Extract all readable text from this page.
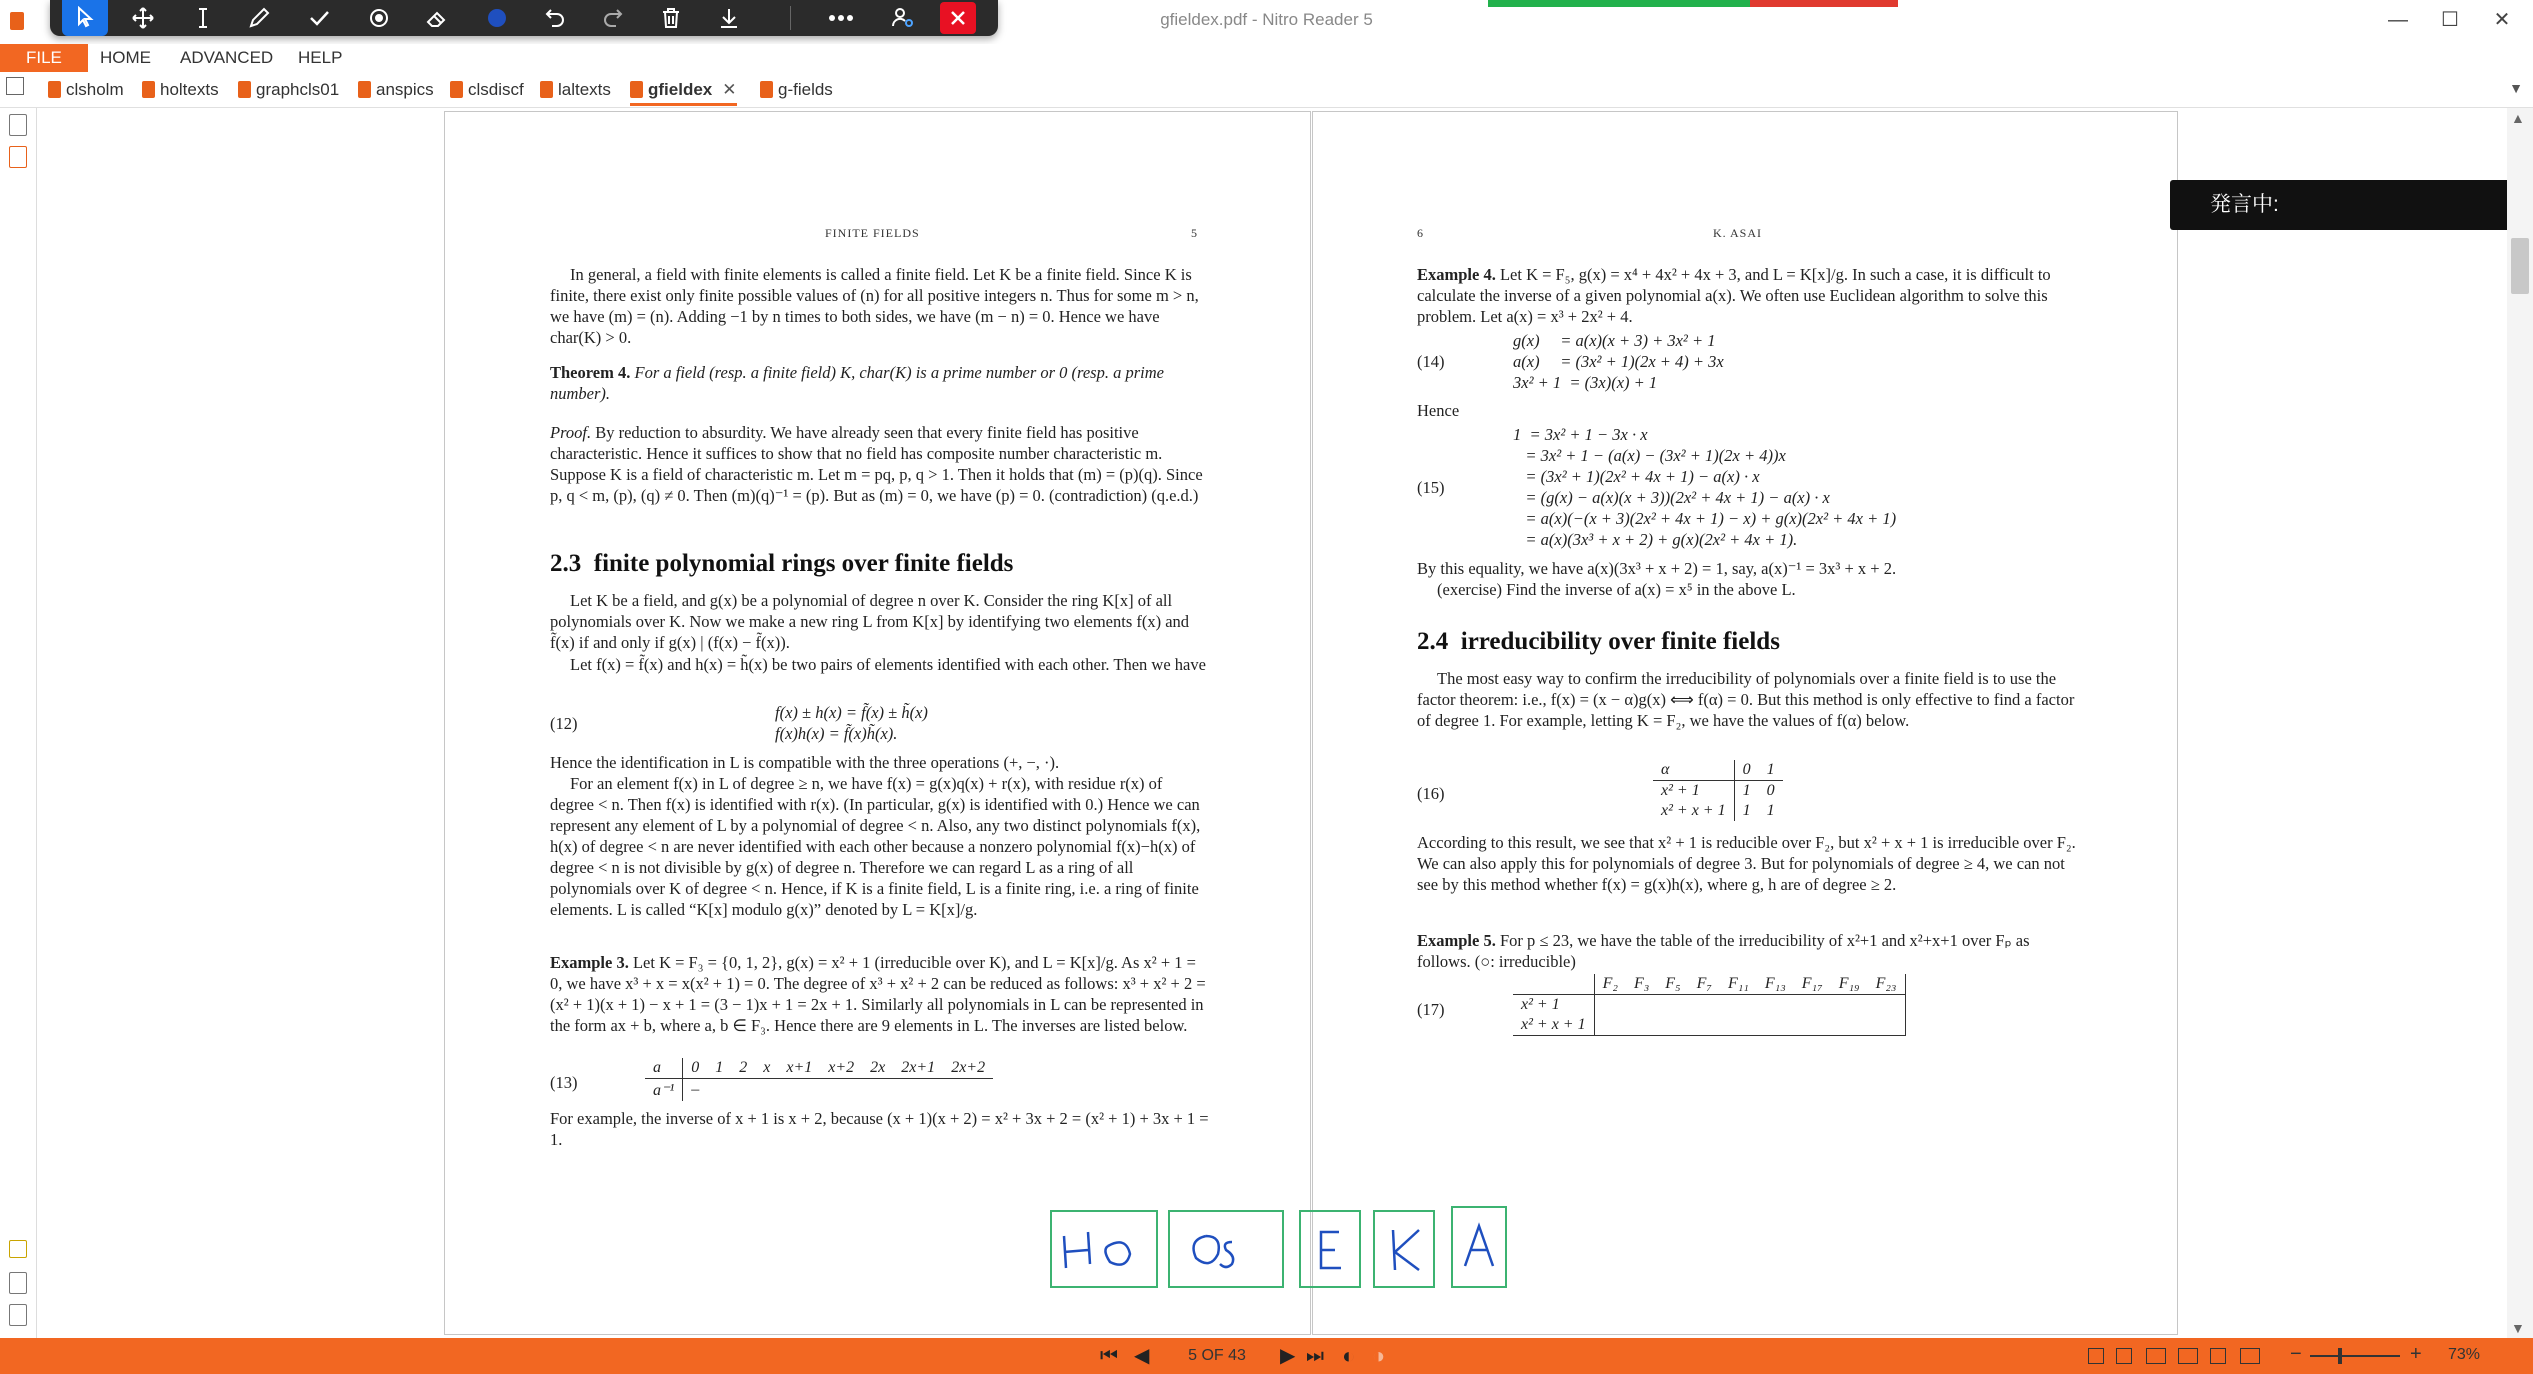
gfieldex.pdf - Nitro Reader 5	—	☐	✕
FILE	HOME	ADVANCED	HELP
clsholm	holtexts	graphcls01	anspics	clsdiscf	laltexts	gfieldex ✕	g-fields	▼
FINITE FIELDS	5
In general, a field with finite elements is called a finite field. Let K be a finite field. Since K is finite, there exist only finite possible values of (n) for all positive integers n. Thus for some m > n, we have (m) = (n). Adding −1 by n times to both sides, we have (m − n) = 0. Hence we have char(K) > 0.
Theorem 4. For a field (resp. a finite field) K, char(K) is a prime number or 0 (resp. a prime number).
Proof. By reduction to absurdity. We have already seen that every finite field has positive characteristic. Hence it suffices to show that no field has composite number characteristic m. Suppose K is a field of characteristic m. Let m = pq, p, q > 1. Then it holds that (m) = (p)(q). Since p, q < m, (p), (q) ≠ 0. Then (m)(q)⁻¹ = (p). But as (m) = 0, we have (p) = 0. (contradiction) (q.e.d.)
2.3 finite polynomial rings over finite fields
Let K be a field, and g(x) be a polynomial of degree n over K. Consider the ring K[x] of all polynomials over K. Now we make a new ring L from K[x] by identifying two elements f(x) and f̃(x) if and only if g(x) | (f(x) − f̃(x)).
Let f(x) = f̃(x) and h(x) = h̃(x) be two pairs of elements identified with each other. Then we have
(12)
f(x) ± h(x) = f̃(x) ± h̃(x)
f(x)h(x) = f̃(x)h̃(x).
Hence the identification in L is compatible with the three operations (+, −, ·).
For an element f(x) in L of degree ≥ n, we have f(x) = g(x)q(x) + r(x), with residue r(x) of degree < n. Then f(x) is identified with r(x). (In particular, g(x) is identified with 0.) Hence we can represent any element of L by a polynomial of degree < n. Also, any two distinct polynomials f(x), h(x) of degree < n are never identified with each other because a nonzero polynomial f(x)−h(x) of degree < n is not divisible by g(x) of degree n. Therefore we can regard L as a ring of all polynomials over K of degree < n. Hence, if K is a finite field, L is a finite ring, i.e. a ring of finite elements. L is called “K[x] modulo g(x)” denoted by L = K[x]/g.
Example 3. Let K = F₃ = {0, 1, 2}, g(x) = x² + 1 (irreducible over K), and L = K[x]/g. As x² + 1 = 0, we have x³ + x = x(x² + 1) = 0. The degree of x³ + x² + 2 can be reduced as follows: x³ + x² + 2 = (x² + 1)(x + 1) − x + 1 = (3 − 1)x + 1 = 2x + 1. Similarly all polynomials in L can be represented in the form ax + b, where a, b ∈ F₃. Hence there are 9 elements in L. The inverses are listed below.
(13)
a	0	1	2	x	x+1	x+2	2x	2x+1	2x+2
a⁻¹	–								
For example, the inverse of x + 1 is x + 2, because (x + 1)(x + 2) = x² + 3x + 2 = (x² + 1) + 3x + 1 = 1.
6	K. ASAI
Example 4. Let K = F₅, g(x) = x⁴ + 4x² + 4x + 3, and L = K[x]/g. In such a case, it is difficult to calculate the inverse of a given polynomial a(x). We often use Euclidean algorithm to solve this problem. Let a(x) = x³ + 2x² + 4.
(14)
g(x)     = a(x)(x + 3) + 3x² + 1
a(x)     = (3x² + 1)(2x + 4) + 3x
3x² + 1  = (3x)(x) + 1
Hence
(15)
1  = 3x² + 1 − 3x · x
= 3x² + 1 − (a(x) − (3x² + 1)(2x + 4))x
= (3x² + 1)(2x² + 4x + 1) − a(x) · x
= (g(x) − a(x)(x + 3))(2x² + 4x + 1) − a(x) · x
= a(x)(−(x + 3)(2x² + 4x + 1) − x) + g(x)(2x² + 4x + 1)
= a(x)(3x³ + x + 2) + g(x)(2x² + 4x + 1).
By this equality, we have a(x)(3x³ + x + 2) = 1, say, a(x)⁻¹ = 3x³ + x + 2.
(exercise) Find the inverse of a(x) = x⁵ in the above L.
2.4 irreducibility over finite fields
The most easy way to confirm the irreducibility of polynomials over a finite field is to use the factor theorem: i.e., f(x) = (x − α)g(x) ⟺ f(α) = 0. But this method is only effective to find a factor of degree 1. For example, letting K = F₂, we have the values of f(α) below.
(16)
α	0	1
x² + 1	1	0
x² + x + 1	1	1
According to this result, we see that x² + 1 is reducible over F₂, but x² + x + 1 is irreducible over F₂. We can also apply this for polynomials of degree 3. But for polynomials of degree ≥ 4, we can not see by this method whether f(x) = g(x)h(x), where g, h are of degree ≥ 2.
Example 5. For p ≤ 23, we have the table of the irreducibility of x²+1 and x²+x+1 over Fₚ as follows. (○: irreducible)
(17)
	F₂	F₃	F₅	F₇	F₁₁	F₁₃	F₁₇	F₁₉	F₂₃
x² + 1									
x² + x + 1									
発言中:
▲
▼
⏮ ◀	5 OF 43	▶ ⏭ ◐ ◑	−	+ 73%
